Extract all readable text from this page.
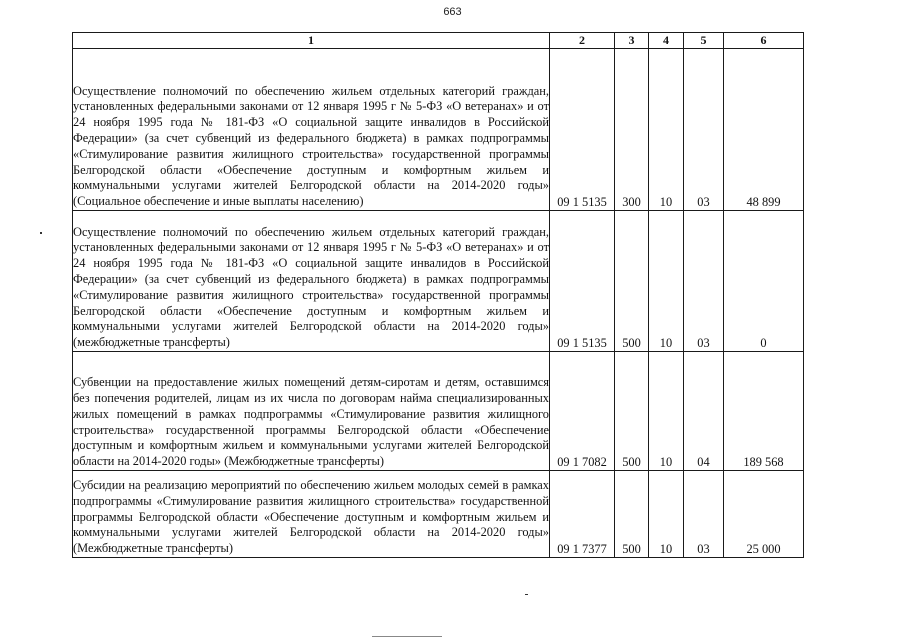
663
1	2	3	4	5	6
Осуществление полномочий по обеспечению жильем отдельных категорий граждан, установленных федеральными законами от 12 января 1995 г № 5-ФЗ «О ветеранах» и от 24 ноября 1995 года № 181-ФЗ «О социальной защите инвалидов в Российской Федерации» (за счет субвенций из федерального бюджета) в рамках подпрограммы «Стимулирование развития жилищного строительства» государственной программы Белгородской области «Обеспечение доступным и комфортным жильем и коммунальными услугами жителей Белгородской области на 2014-2020 годы» (Социальное обеспечение и иные выплаты населению)	09 1 5135	300	10	03	48 899
Осуществление полномочий по обеспечению жильем отдельных категорий граждан, установленных федеральными законами от 12 января 1995 г № 5-ФЗ «О ветеранах» и от 24 ноября 1995 года № 181-ФЗ «О социальной защите инвалидов в Российской Федерации» (за счет субвенций из федерального бюджета) в рамках подпрограммы «Стимулирование развития жилищного строительства» государственной программы Белгородской области «Обеспечение доступным и комфортным жильем и коммунальными услугами жителей Белгородской области на 2014-2020 годы» (межбюджетные трансферты)	09 1 5135	500	10	03	0
Субвенции на предоставление жилых помещений детям-сиротам и детям, оставшимся без попечения родителей, лицам из их числа по договорам найма специализированных жилых помещений в рамках подпрограммы «Стимулирование развития жилищного строительства» государственной программы Белгородской области «Обеспечение доступным и комфортным жильем и коммунальными услугами жителей Белгородской области на 2014-2020 годы» (Межбюджетные трансферты)	09 1 7082	500	10	04	189 568
Субсидии на реализацию мероприятий по обеспечению жильем молодых семей в рамках подпрограммы «Стимулирование развития жилищного строительства» государственной программы Белгородской области «Обеспечение доступным и комфортным жильем и коммунальными услугами жителей Белгородской области на 2014-2020 годы» (Межбюджетные трансферты)	09 1 7377	500	10	03	25 000
